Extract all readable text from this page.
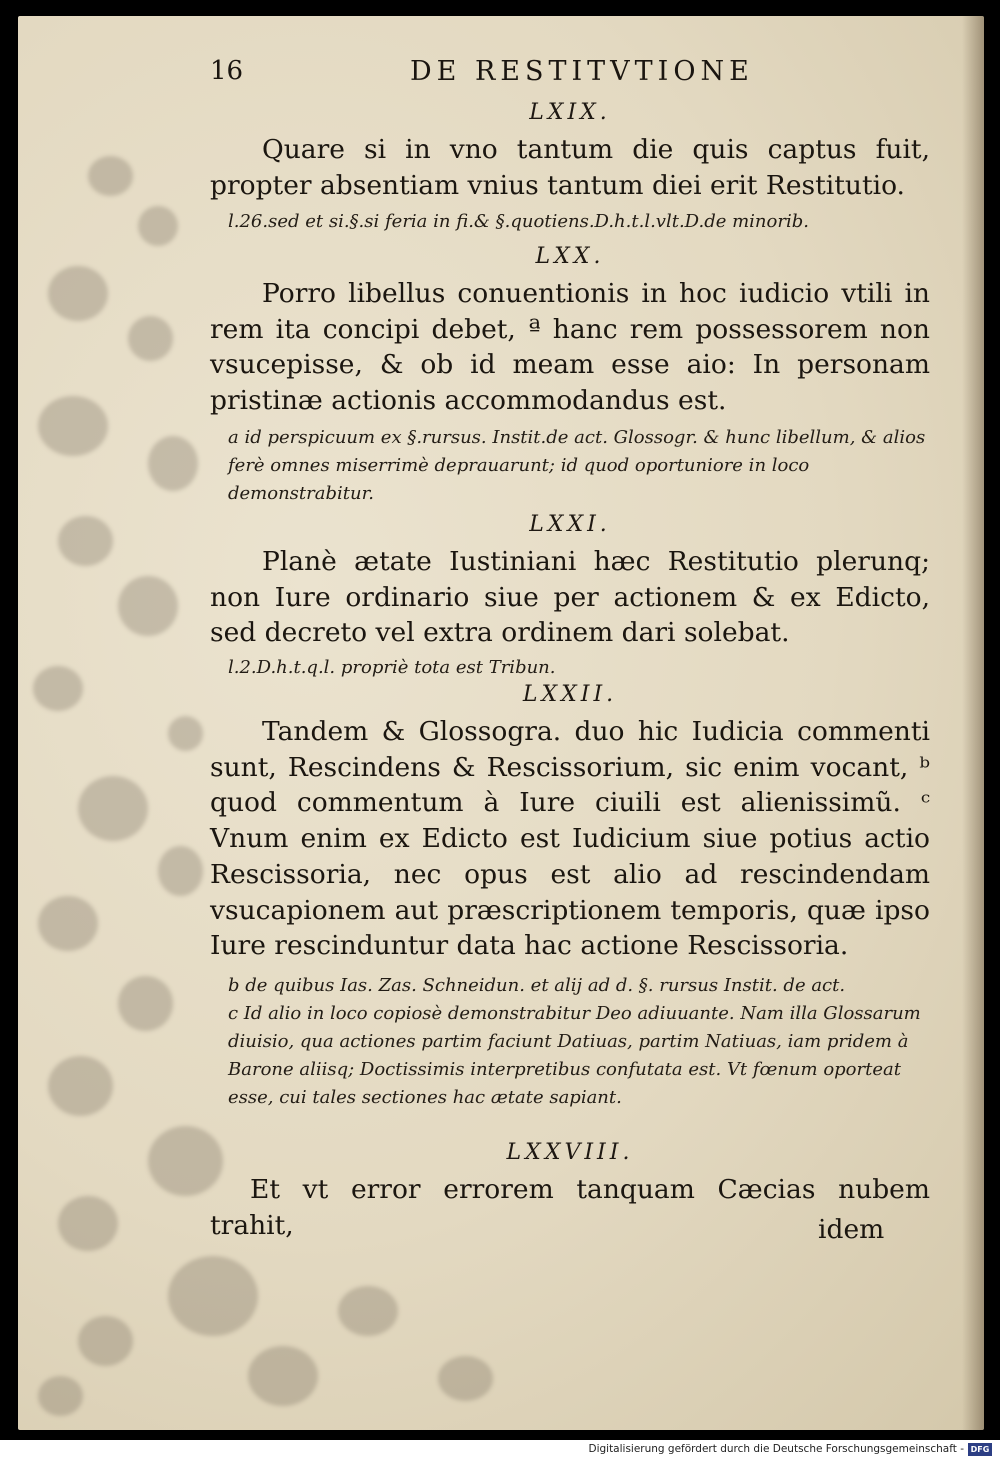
16	DE RESTITVTIONE
LXIX.
Quare si in vno tantum die quis captus fuit, propter absentiam vnius tantum diei erit Restitutio.
l.26.sed et si.§.si feria in fi.& §.quotiens.D.h.t.l.vlt.D.de minorib.
LXX.
Porro libellus conuentionis in hoc iudicio vtili in rem ita concipi debet, ª hanc rem possessorem non vsucepisse, & ob id meam esse aio: In personam pristinæ actionis accommodandus est.
a id perspicuum ex §.rursus. Instit.de act. Glossogr. & hunc libellum, & alios ferè omnes miserrimè deprauarunt; id quod oportuniore in loco demonstrabitur.
LXXI.
Planè ætate Iustiniani hæc Restitutio plerunq; non Iure ordinario siue per actionem & ex Edicto, sed decreto vel extra ordinem dari solebat.
l.2.D.h.t.q.l. propriè tota est Tribun.
LXXII.
Tandem & Glossogra. duo hic Iudicia commenti sunt, Rescindens & Rescissorium, sic enim vocant, ᵇ quod commentum à Iure ciuili est alienissimũ. ᶜ Vnum enim ex Edicto est Iudicium siue potius actio Rescissoria, nec opus est alio ad rescindendam vsucapionem aut præscriptionem temporis, quæ ipso Iure rescinduntur data hac actione Rescissoria.
b de quibus Ias. Zas. Schneidun. et alij ad d. §. rursus Instit. de act.
c Id alio in loco copiosè demonstrabitur Deo adiuuante. Nam illa Glossarum diuisio, qua actiones partim faciunt Datiuas, partim Natiuas, iam pridem à Barone aliisq; Doctissimis interpretibus confutata est. Vt fœnum oporteat esse, cui tales sectiones hac ætate sapiant.
LXXVIII.
Et vt error errorem tanquam Cæcias nubem trahit,	idem
Digitalisierung gefördert durch die Deutsche Forschungsgemeinschaft - DFG
